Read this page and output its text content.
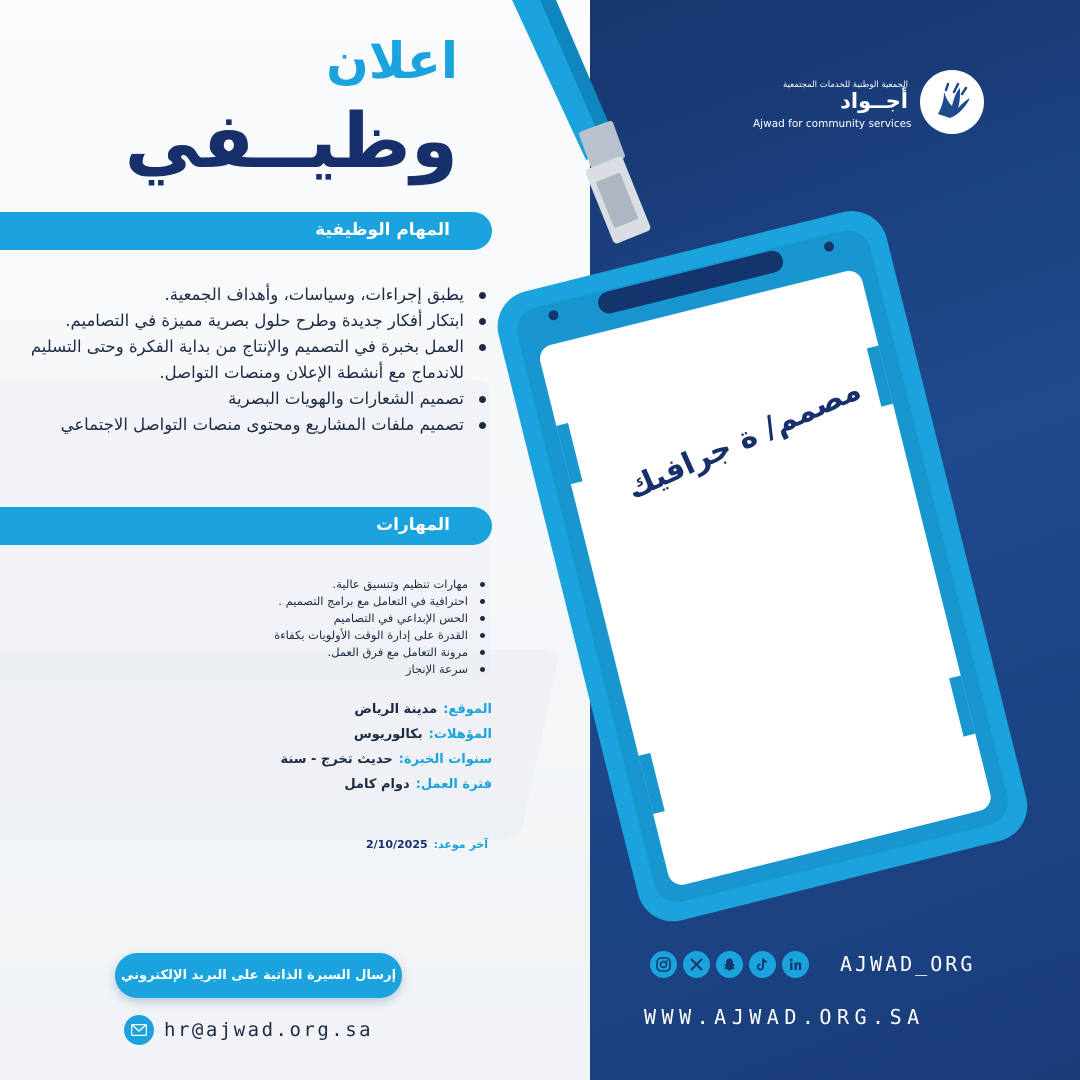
اعلان
وظيــفي
الجمعية الوطنية للخدمات المجتمعية
أجــواد
Ajwad for community services
المهام الوظيفية
يطبق إجراءات، وسياسات، وأهداف الجمعية.
ابتكار أفكار جديدة وطرح حلول بصرية مميزة في التصاميم.
العمل بخبرة في التصميم والإنتاج من بداية الفكرة وحتى التسليم للاندماج مع أنشطة الإعلان ومنصات التواصل.
تصميم الشعارات والهويات البصرية
تصميم ملفات المشاريع ومحتوى منصات التواصل الاجتماعي
المهارات
مهارات تنظيم وتنسيق عالية.
احترافية في التعامل مع برامج التصميم .
الحس الإبداعي في التصاميم
القدرة على إدارة الوقت الأولويات بكفاءة
مرونة التعامل مع فرق العمل.
سرعة الإنجاز
الموقع:مدينة الرياض
المؤهلات:بكالوريوس
سنوات الخبرة:حديث تخرج - سنة
فترة العمل:دوام كامل
آخر موعد:2/10/2025
إرسال السيرة الذاتية على البريد الإلكتروني
hr@ajwad.org.sa
مصمم/ ة جرافيك
AJWAD_ORG
WWW.AJWAD.ORG.SA
